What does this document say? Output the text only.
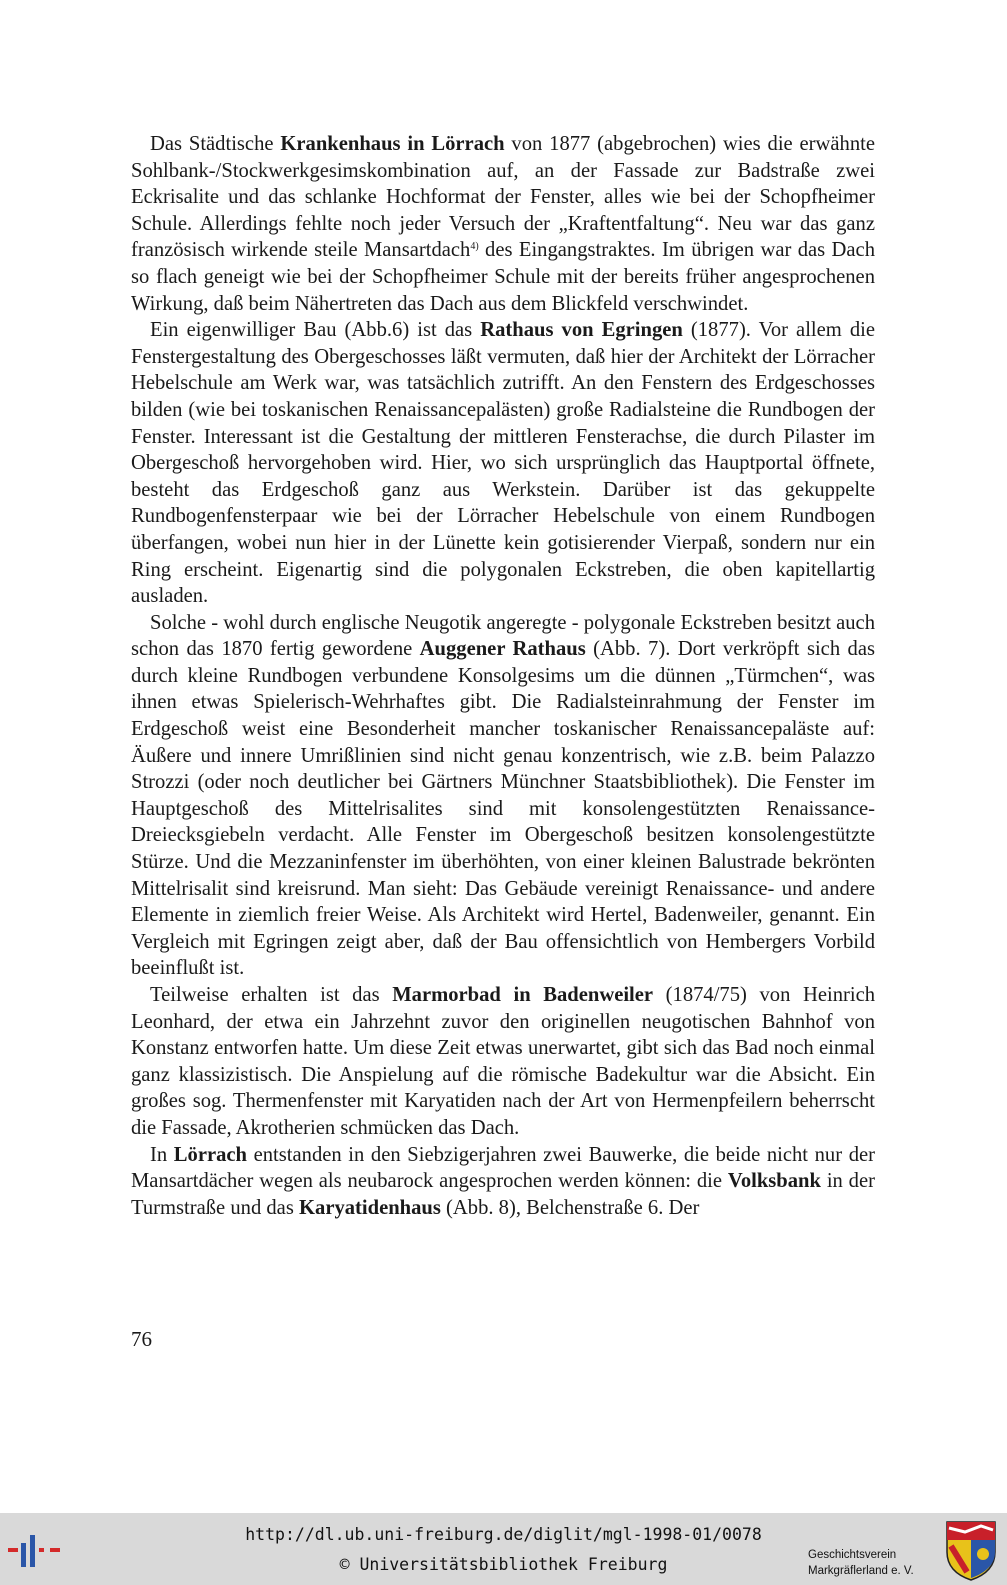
Das Städtische Krankenhaus in Lörrach von 1877 (abgebrochen) wies die erwähnte Sohlbank-/Stockwerkgesimskombination auf, an der Fassade zur Badstraße zwei Eckrisalite und das schlanke Hochformat der Fenster, alles wie bei der Schopfheimer Schule. Allerdings fehlte noch jeder Versuch der „Kraftentfaltung“. Neu war das ganz französisch wirkende steile Mansartdach$^{4)}$ des Eingangstraktes. Im übrigen war das Dach so flach geneigt wie bei der Schopfheimer Schule mit der bereits früher angesprochenen Wirkung, daß beim Nähertreten das Dach aus dem Blickfeld verschwindet.

Ein eigenwilliger Bau (Abb.6) ist das Rathaus von Egringen (1877). Vor allem die Fenstergestaltung des Obergeschosses läßt vermuten, daß hier der Architekt der Lörracher Hebelschule am Werk war, was tatsächlich zutrifft. An den Fenstern des Erdgeschosses bilden (wie bei toskanischen Renaissancepalästen) große Radialsteine die Rundbogen der Fenster. Interessant ist die Gestaltung der mittleren Fensterachse, die durch Pilaster im Obergeschoß hervorgehoben wird. Hier, wo sich ursprünglich das Hauptportal öffnete, besteht das Erdgeschoß ganz aus Werkstein. Darüber ist das gekuppelte Rundbogenfensterpaar wie bei der Lörracher Hebelschule von einem Rundbogen überfangen, wobei nun hier in der Lünette kein gotisierender Vierpaß, sondern nur ein Ring erscheint. Eigenartig sind die polygonalen Eckstreben, die oben kapitellartig ausladen.

Solche - wohl durch englische Neugotik angeregte - polygonale Eckstreben besitzt auch schon das 1870 fertig gewordene Auggener Rathaus (Abb. 7). Dort verkröpft sich das durch kleine Rundbogen verbundene Konsolgesims um die dünnen „Türmchen“, was ihnen etwas Spielerisch-Wehrhaftes gibt. Die Radialsteinrahmung der Fenster im Erdgeschoß weist eine Besonderheit mancher toskanischer Renaissancepaläste auf: Äußere und innere Umrißlinien sind nicht genau konzentrisch, wie z.B. beim Palazzo Strozzi (oder noch deutlicher bei Gärtners Münchner Staatsbibliothek). Die Fenster im Hauptgeschoß des Mittelrisalites sind mit konsolengestützten Renaissance-Dreiecksgiebeln verdacht. Alle Fenster im Obergeschoß besitzen konsolengestützte Stürze. Und die Mezzaninfenster im überhöhten, von einer kleinen Balustrade bekrönten Mittelrisalit sind kreisrund. Man sieht: Das Gebäude vereinigt Renaissance- und andere Elemente in ziemlich freier Weise. Als Architekt wird Hertel, Badenweiler, genannt. Ein Vergleich mit Egringen zeigt aber, daß der Bau offensichtlich von Hembergers Vorbild beeinflußt ist.

Teilweise erhalten ist das Marmorbad in Badenweiler (1874/75) von Heinrich Leonhard, der etwa ein Jahrzehnt zuvor den originellen neugotischen Bahnhof von Konstanz entworfen hatte. Um diese Zeit etwas unerwartet, gibt sich das Bad noch einmal ganz klassizistisch. Die Anspielung auf die römische Badekultur war die Absicht. Ein großes sog. Thermenfenster mit Karyatiden nach der Art von Hermenpfeilern beherrscht die Fassade, Akrotherien schmücken das Dach.

In Lörrach entstanden in den Siebzigerjahren zwei Bauwerke, die beide nicht nur der Mansartdächer wegen als neubarock angesprochen werden können: die Volksbank in der Turmstraße und das Karyatidenhaus (Abb. 8), Belchenstraße 6. Der

76
http://dl.ub.uni-freiburg.de/diglit/mgl-1998-01/0078
© Universitätsbibliothek Freiburg	Geschichtsverein
Markgräflerland e. V.
